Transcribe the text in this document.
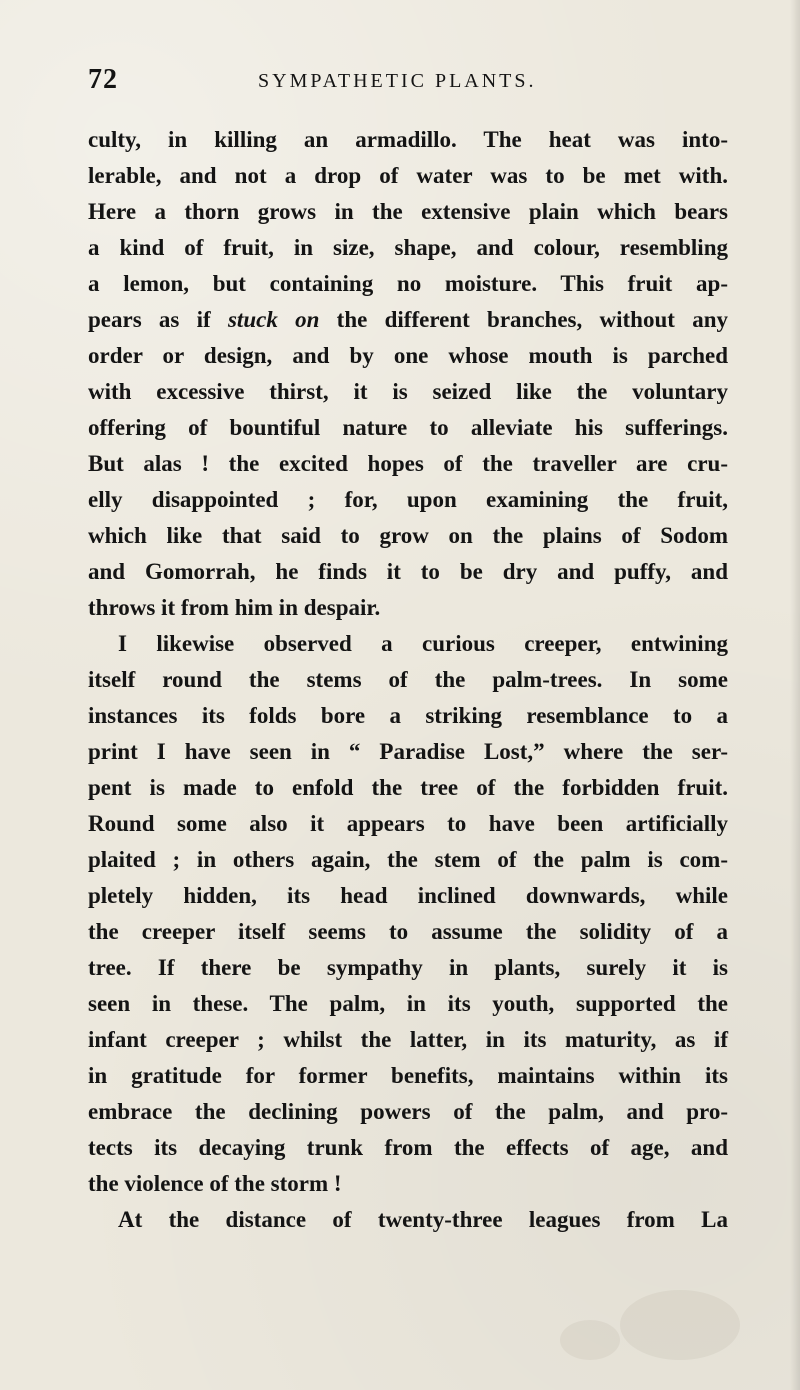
72	SYMPATHETIC PLANTS.
culty, in killing an armadillo. The heat was into-
lerable, and not a drop of water was to be met with.
Here a thorn grows in the extensive plain which bears
a kind of fruit, in size, shape, and colour, resembling
a lemon, but containing no moisture. This fruit ap-
pears as if stuck on the different branches, without any
order or design, and by one whose mouth is parched
with excessive thirst, it is seized like the voluntary
offering of bountiful nature to alleviate his sufferings.
But alas ! the excited hopes of the traveller are cru-
elly disappointed ; for, upon examining the fruit,
which like that said to grow on the plains of Sodom
and Gomorrah, he finds it to be dry and puffy, and
throws it from him in despair.
I likewise observed a curious creeper, entwining
itself round the stems of the palm-trees. In some
instances its folds bore a striking resemblance to a
print I have seen in “ Paradise Lost,” where the ser-
pent is made to enfold the tree of the forbidden fruit.
Round some also it appears to have been artificially
plaited ; in others again, the stem of the palm is com-
pletely hidden, its head inclined downwards, while
the creeper itself seems to assume the solidity of a
tree. If there be sympathy in plants, surely it is
seen in these. The palm, in its youth, supported the
infant creeper ; whilst the latter, in its maturity, as if
in gratitude for former benefits, maintains within its
embrace the declining powers of the palm, and pro-
tects its decaying trunk from the effects of age, and
the violence of the storm !
At the distance of twenty-three leagues from La
